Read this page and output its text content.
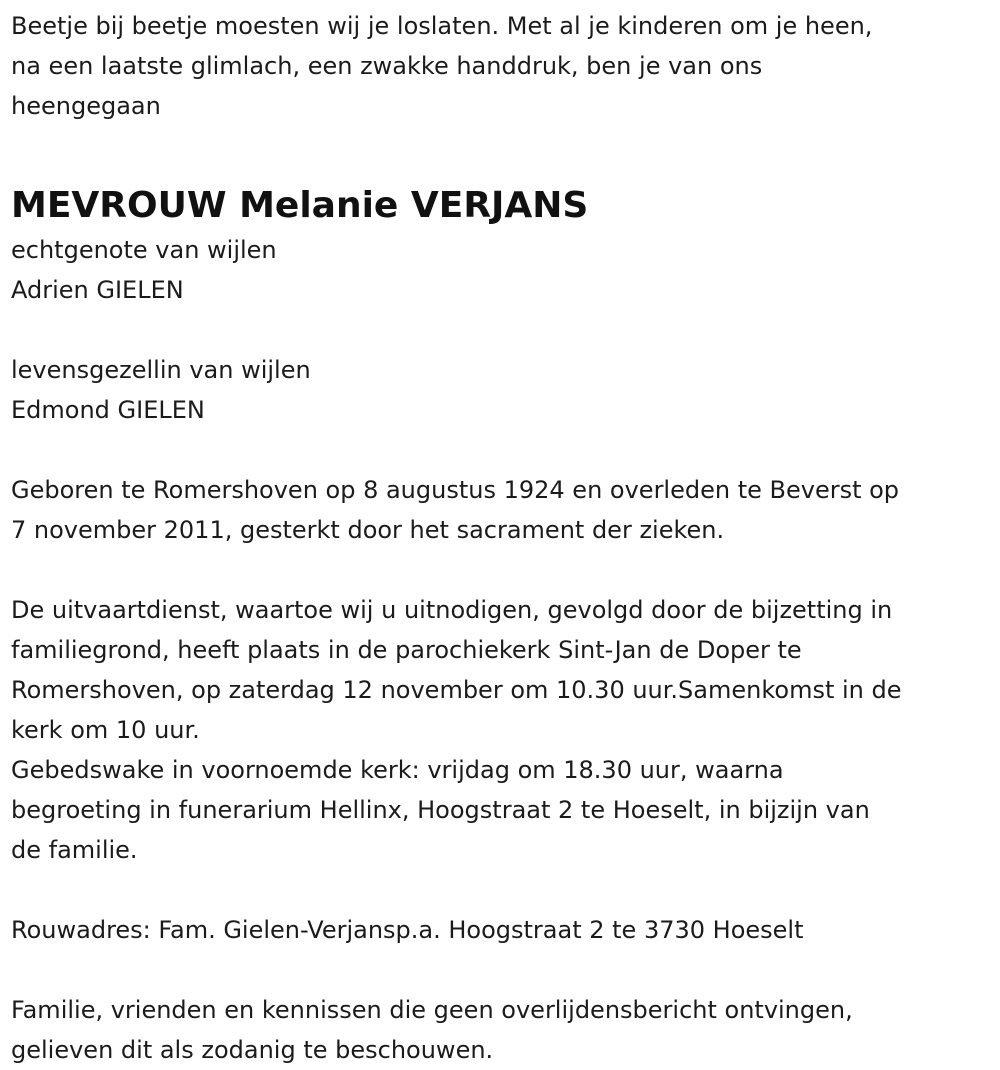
Beetje bij beetje moesten wij je loslaten. Met al je kinderen om je heen,
na een laatste glimlach, een zwakke handdruk, ben je van ons
heengegaan
MEVROUW Melanie VERJANS
echtgenote van wijlen
Adrien GIELEN
levensgezellin van wijlen
Edmond GIELEN
Geboren te Romershoven op 8 augustus 1924 en overleden te Beverst op
7 november 2011, gesterkt door het sacrament der zieken.
De uitvaartdienst, waartoe wij u uitnodigen, gevolgd door de bijzetting in
familiegrond, heeft plaats in de parochiekerk Sint-Jan de Doper te
Romershoven, op zaterdag 12 november om 10.30 uur.Samenkomst in de
kerk om 10 uur.
Gebedswake in voornoemde kerk: vrijdag om 18.30 uur, waarna
begroeting in funerarium Hellinx, Hoogstraat 2 te Hoeselt, in bijzijn van
de familie.
Rouwadres: Fam. Gielen-Verjansp.a. Hoogstraat 2 te 3730 Hoeselt
Familie, vrienden en kennissen die geen overlijdensbericht ontvingen,
gelieven dit als zodanig te beschouwen.
